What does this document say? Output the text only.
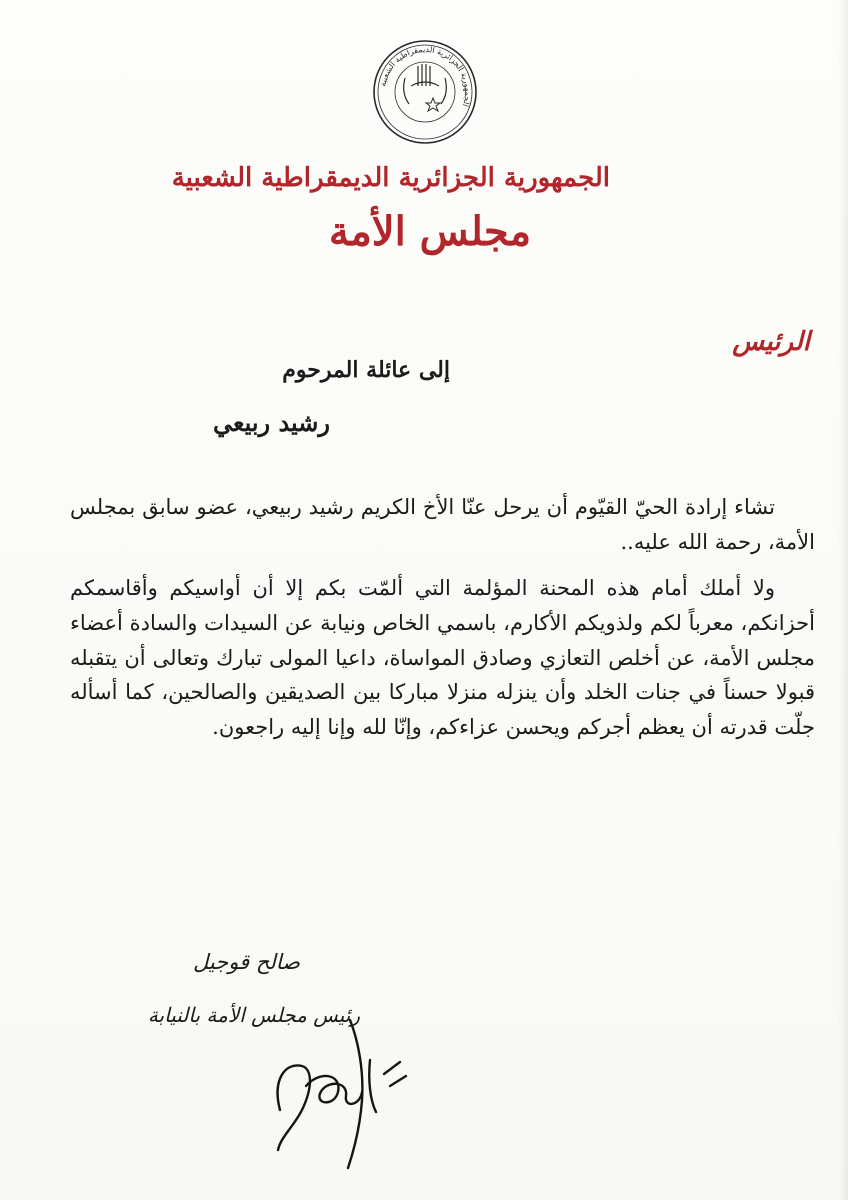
الجمهورية الجزائرية الديمقراطية الشعبية
الجمهورية الجزائرية الديمقراطية الشعبية
مجلس الأمة
الرئيس
إلى عائلة المرحوم
رشيد ربيعي

تشاء إرادة الحيّ القيّوم أن يرحل عنّا الأخ الكريم رشيد ربيعي، عضو سابق بمجلس الأمة، رحمة الله عليه..

ولا أملك أمام هذه المحنة المؤلمة التي ألمّت بكم إلا أن أواسيكم وأقاسمكم أحزانكم، معرباً لكم ولذويكم الأكارم، باسمي الخاص ونيابة عن السيدات والسادة أعضاء مجلس الأمة، عن أخلص التعازي وصادق المواساة، داعيا المولى تبارك وتعالى أن يتقبله قبولا حسناً في جنات الخلد وأن ينزله منزلا مباركا بين الصديقين والصالحين، كما أسأله جلّت قدرته أن يعظم أجركم ويحسن عزاءكم، وإنّا لله وإنا إليه راجعون.

صالح قوجيل
رئيس مجلس الأمة بالنيابة
